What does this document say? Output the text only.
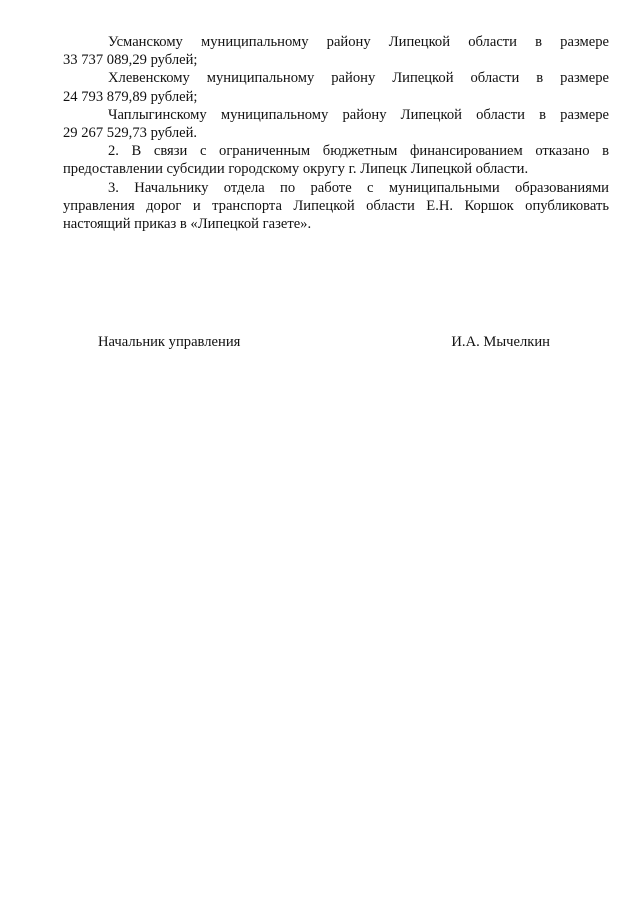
Усманскому муниципальному району Липецкой области в размере
33 737 089,29 рублей;

Хлевенскому муниципальному району Липецкой области в размере
24 793 879,89 рублей;

Чаплыгинскому муниципальному району Липецкой области в размере
29 267 529,73 рублей.

2. В связи с ограниченным бюджетным финансированием отказано в
предоставлении субсидии городскому округу г. Липецк Липецкой области.

3. Начальнику отдела по работе с муниципальными образованиями
управления дорог и транспорта Липецкой области Е.Н. Коршок опубликовать
настоящий приказ в «Липецкой газете».

Начальник управления	И.А. Мычелкин
